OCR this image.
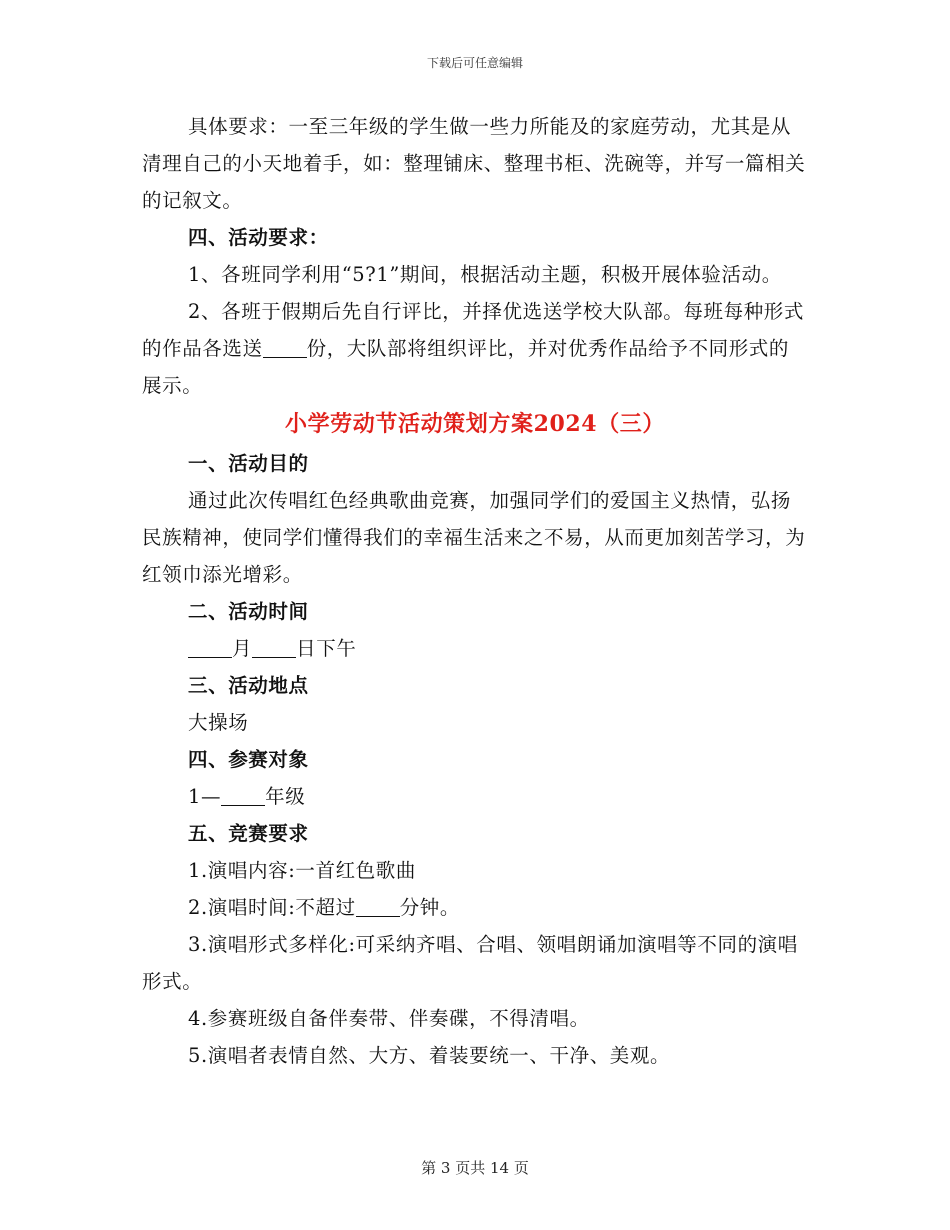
下载后可任意编辑

具体要求：一至三年级的学生做一些力所能及的家庭劳动，尤其是从清理自己的小天地着手，如：整理铺床、整理书柜、洗碗等，并写一篇相关的记叙文。

四、活动要求：

1、各班同学利用“5?1”期间，根据活动主题，积极开展体验活动。

2、各班于假期后先自行评比，并择优选送学校大队部。每班每种形式的作品各选送 份，大队部将组织评比，并对优秀作品给予不同形式的展示。

小学劳动节活动策划方案2024（三）

一、活动目的

通过此次传唱红色经典歌曲竞赛，加强同学们的爱国主义热情，弘扬民族精神，使同学们懂得我们的幸福生活来之不易，从而更加刻苦学习，为红领巾添光增彩。

二、活动时间

月 日下午

三、活动地点

大操场

四、参赛对象

1— 年级

五、竞赛要求

1.演唱内容:一首红色歌曲

2.演唱时间:不超过 分钟。

3.演唱形式多样化:可采纳齐唱、合唱、领唱朗诵加演唱等不同的演唱形式。

4.参赛班级自备伴奏带、伴奏碟，不得清唱。

5.演唱者表情自然、大方、着装要统一、干净、美观。

第 3 页共 14 页
